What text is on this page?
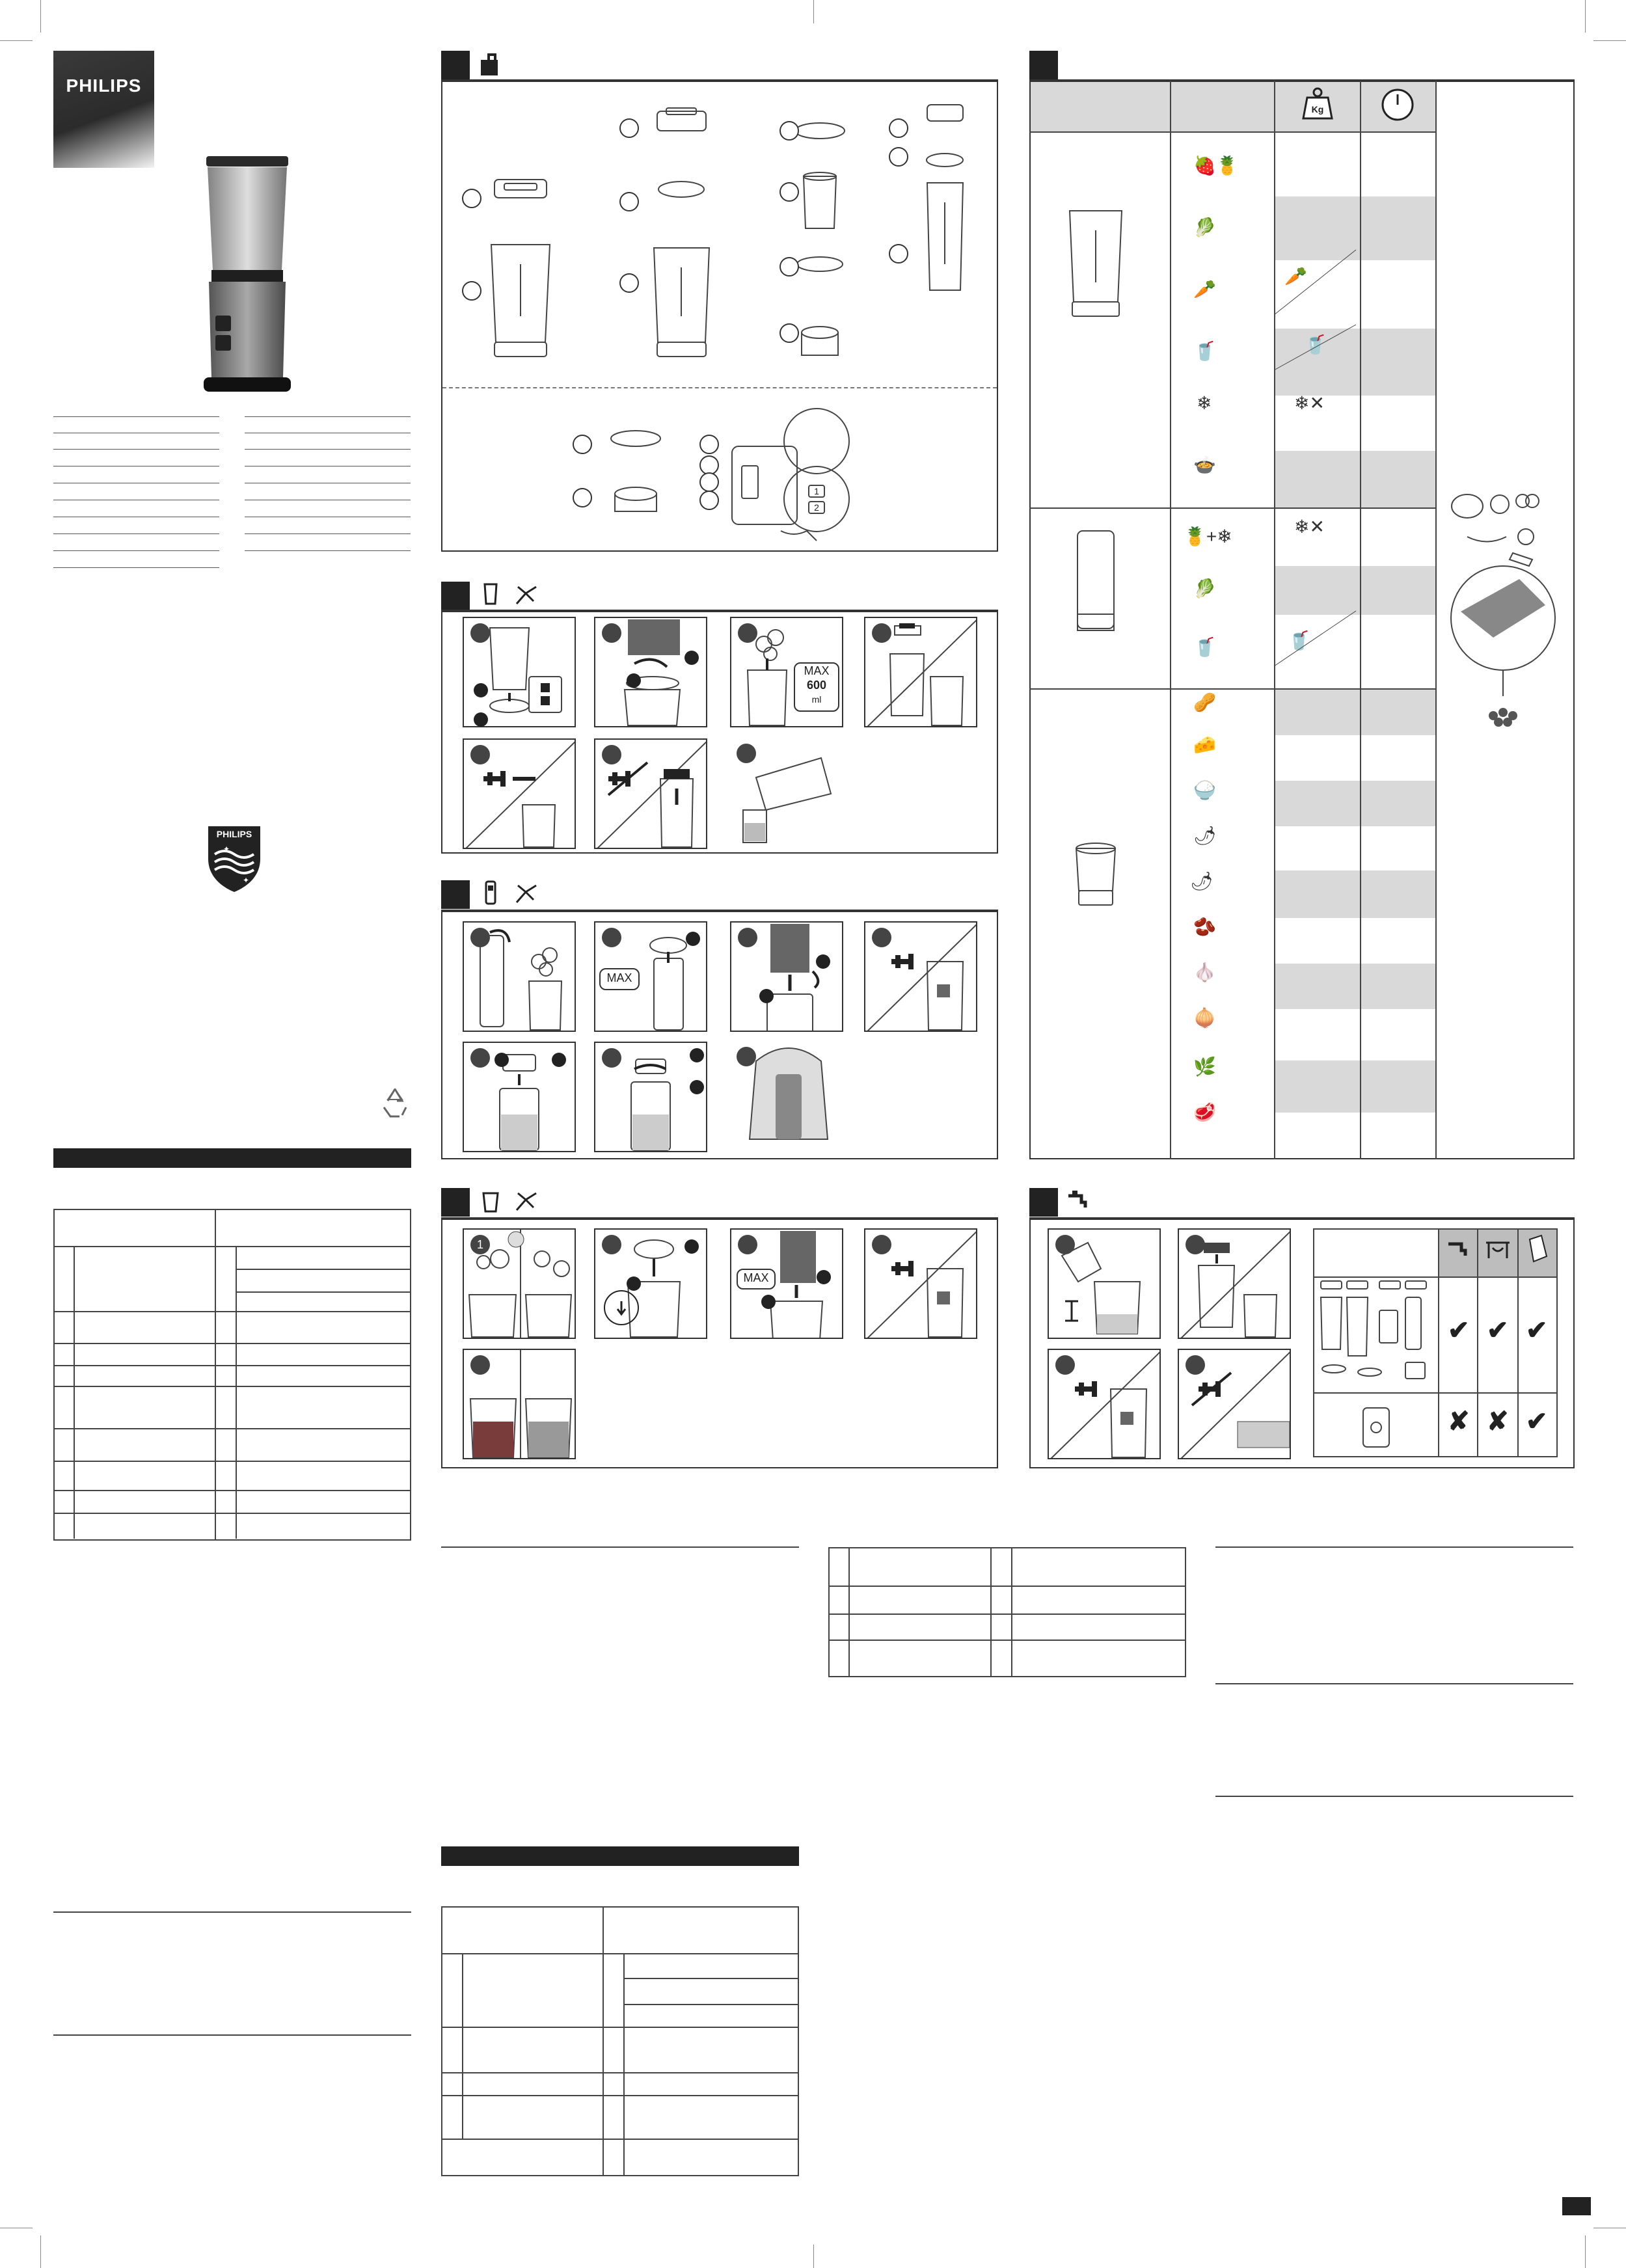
PHILIPS
PHILIPS
✦
✦
1
2
MAX
600
ml
MAX
1
MAX
Kg
🍓🍍
🥬
🥕
🥤
❄
🍲
🍍+❄
🥬
🥤
🥜
🧀
🍚
🌶
🌶
🫘
🧄
🧅
🌿
🥩
🥕
🥤
❄✕
❄✕
🥤
✔ ✔ ✔
✘ ✘ ✔
